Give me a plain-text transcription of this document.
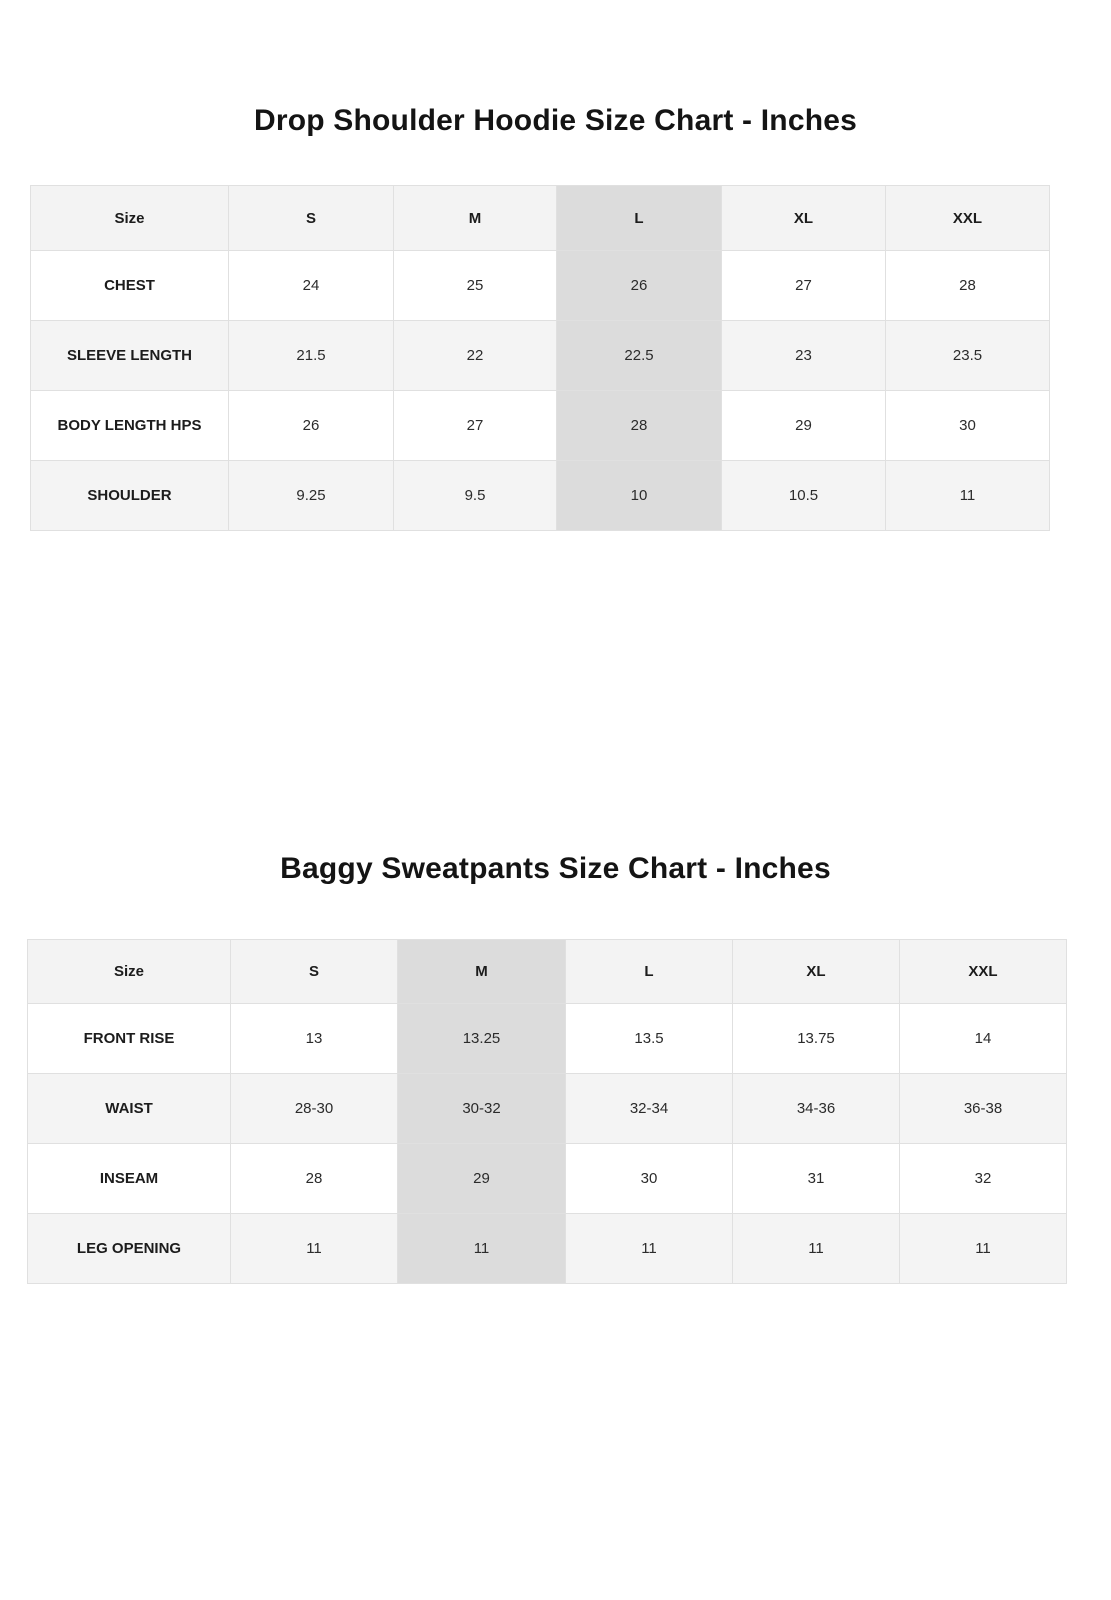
Drop Shoulder Hoodie Size Chart - Inches
Size	S	M	L	XL	XXL
CHEST	24	25	26	27	28
SLEEVE LENGTH	21.5	22	22.5	23	23.5
BODY LENGTH HPS	26	27	28	29	30
SHOULDER	9.25	9.5	10	10.5	11
Baggy Sweatpants Size Chart - Inches
Size	S	M	L	XL	XXL
FRONT RISE	13	13.25	13.5	13.75	14
WAIST	28-30	30-32	32-34	34-36	36-38
INSEAM	28	29	30	31	32
LEG OPENING	11	11	11	11	11
